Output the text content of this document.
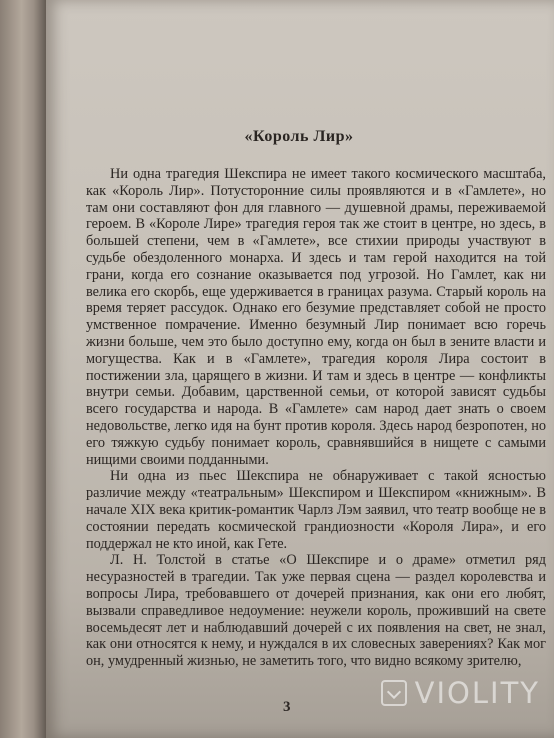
«Король Лир»

Ни одна трагедия Шекспира не имеет такого космического масштаба, как «Король Лир». Потусторонние силы проявляются и в «Гамлете», но там они составляют фон для главного — душевной драмы, переживаемой героем. В «Короле Лире» трагедия героя так же стоит в центре, но здесь, в большей степени, чем в «Гамлете», все стихии природы участвуют в судьбе обездоленного монарха. И здесь и там герой находится на той грани, когда его сознание оказывается под угрозой. Но Гамлет, как ни велика его скорбь, еще удерживается в границах разума. Старый король на время теряет рассудок. Однако его безумие представляет собой не просто умственное помрачение. Именно безумный Лир понимает всю горечь жизни больше, чем это было доступно ему, когда он был в зените власти и могущества. Как и в «Гамлете», трагедия короля Лира состоит в постижении зла, царящего в жизни. И там и здесь в центре — конфликты внутри семьи. Добавим, царственной семьи, от которой зависят судьбы всего государства и народа. В «Гамлете» сам народ дает знать о своем недовольстве, легко идя на бунт против короля. Здесь народ безропотен, но его тяжкую судьбу понимает король, сравнявшийся в нищете с самыми нищими своими подданными.

Ни одна из пьес Шекспира не обнаруживает с такой ясностью различие между «театральным» Шекспиром и Шекспиром «книжным». В начале XIX века критик-романтик Чарлз Лэм заявил, что театр вообще не в состоянии передать космической грандиозности «Короля Лира», и его поддержал не кто иной, как Гете.

Л. Н. Толстой в статье «О Шекспире и о драме» отметил ряд несуразностей в трагедии. Так уже первая сцена — раздел королевства и вопросы Лира, требовавшего от дочерей признания, как они его любят, вызвали справедливое недоумение: неужели король, проживший на свете восемьдесят лет и наблюдавший дочерей с их появления на свет, не знал, как они относятся к нему, и нуждался в их словесных заверениях? Как мог он, умудренный жизнью, не заметить того, что видно всякому зрителю,

3	VIOLITY
